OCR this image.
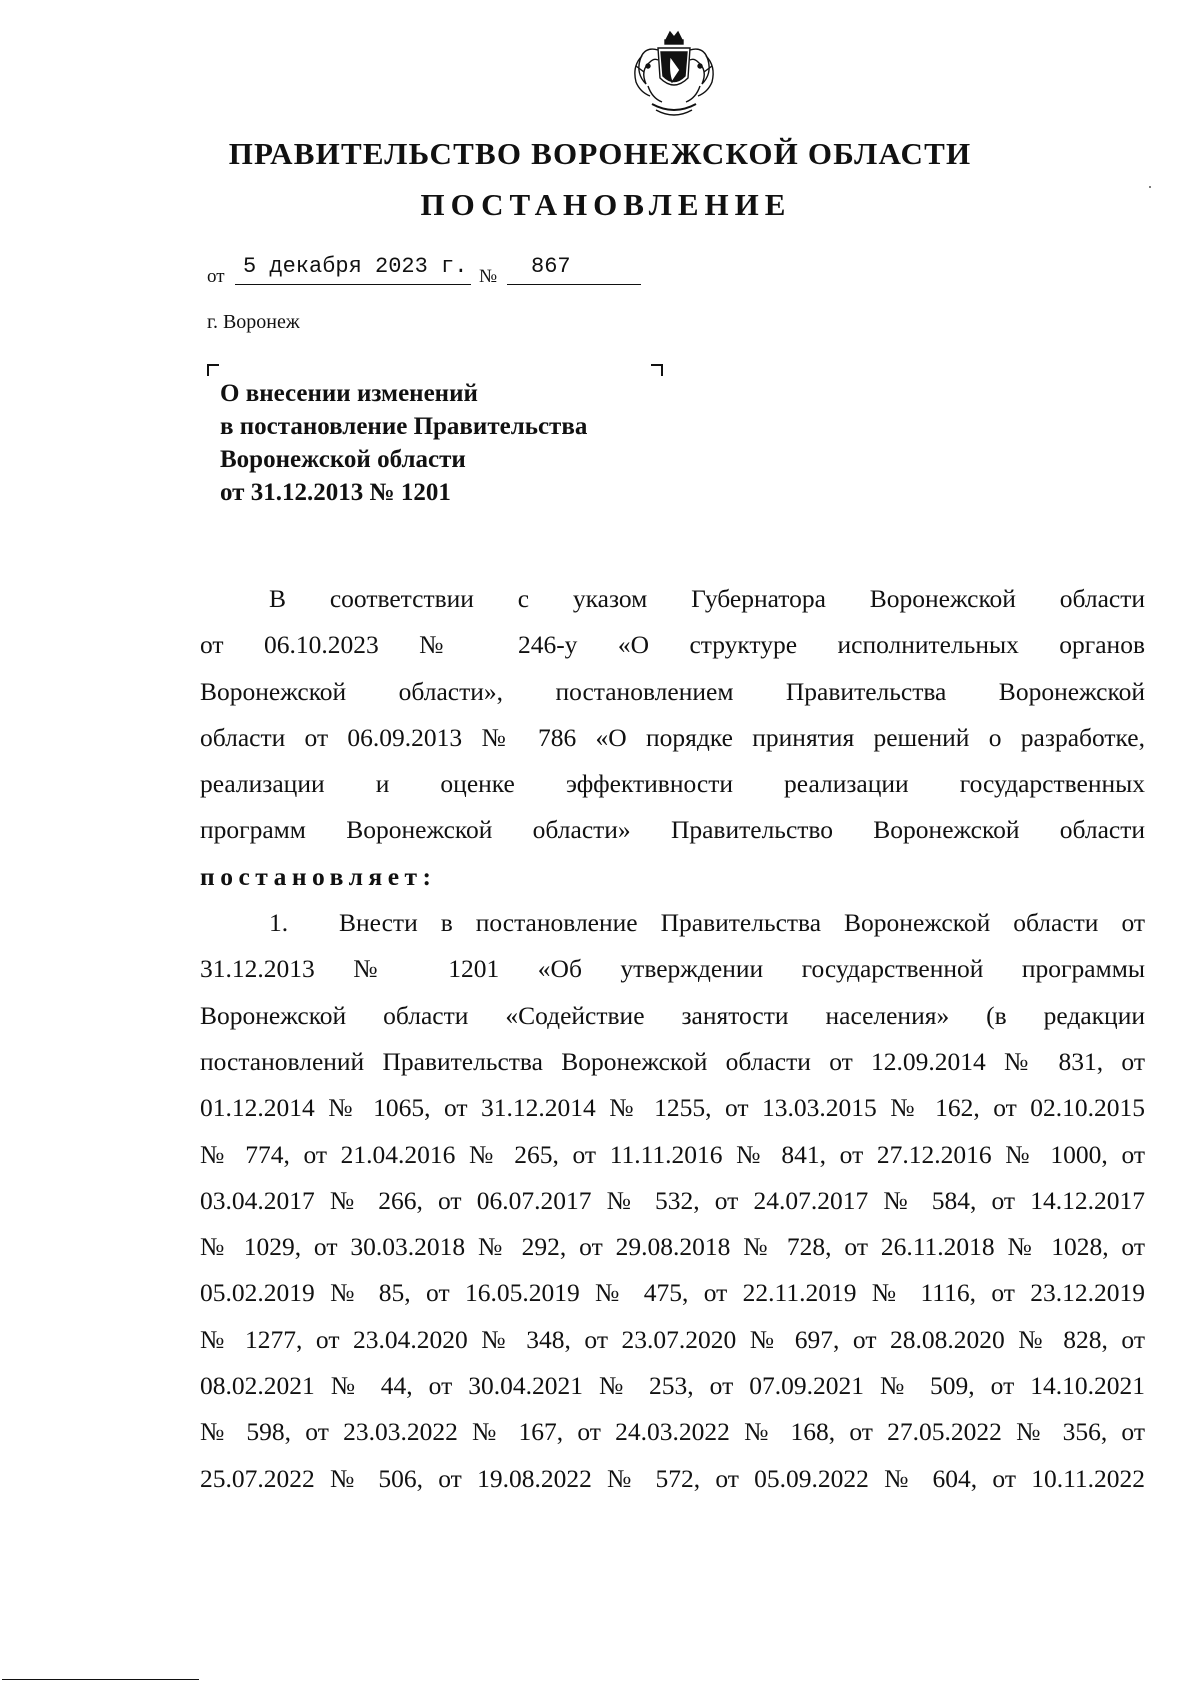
ПРАВИТЕЛЬСТВО ВОРОНЕЖСКОЙ ОБЛАСТИ
ПОСТАНОВЛЕНИЕ
от 5 декабря 2023 г. № 867
г. Воронеж
О внесении изменений
в постановление Правительства
Воронежской области
от 31.12.2013 № 1201
В соответствии с указом Губернатора Воронежской области
от 06.10.2023 № 246-у «О структуре исполнительных органов
Воронежской области», постановлением Правительства Воронежской
области от 06.09.2013 № 786 «О порядке принятия решений о разработке,
реализации и оценке эффективности реализации государственных
программ Воронежской области» Правительство Воронежской области
постановляет:
1. Внести в постановление Правительства Воронежской области от
31.12.2013 № 1201 «Об утверждении государственной программы
Воронежской области «Содействие занятости населения» (в редакции
постановлений Правительства Воронежской области от 12.09.2014 № 831, от
01.12.2014 № 1065, от 31.12.2014 № 1255, от 13.03.2015 № 162, от 02.10.2015
№ 774, от 21.04.2016 № 265, от 11.11.2016 № 841, от 27.12.2016 № 1000, от
03.04.2017 № 266, от 06.07.2017 № 532, от 24.07.2017 № 584, от 14.12.2017
№ 1029, от 30.03.2018 № 292, от 29.08.2018 № 728, от 26.11.2018 № 1028, от
05.02.2019 № 85, от 16.05.2019 № 475, от 22.11.2019 № 1116, от 23.12.2019
№ 1277, от 23.04.2020 № 348, от 23.07.2020 № 697, от 28.08.2020 № 828, от
08.02.2021 № 44, от 30.04.2021 № 253, от 07.09.2021 № 509, от 14.10.2021
№ 598, от 23.03.2022 № 167, от 24.03.2022 № 168, от 27.05.2022 № 356, от
25.07.2022 № 506, от 19.08.2022 № 572, от 05.09.2022 № 604, от 10.11.2022
